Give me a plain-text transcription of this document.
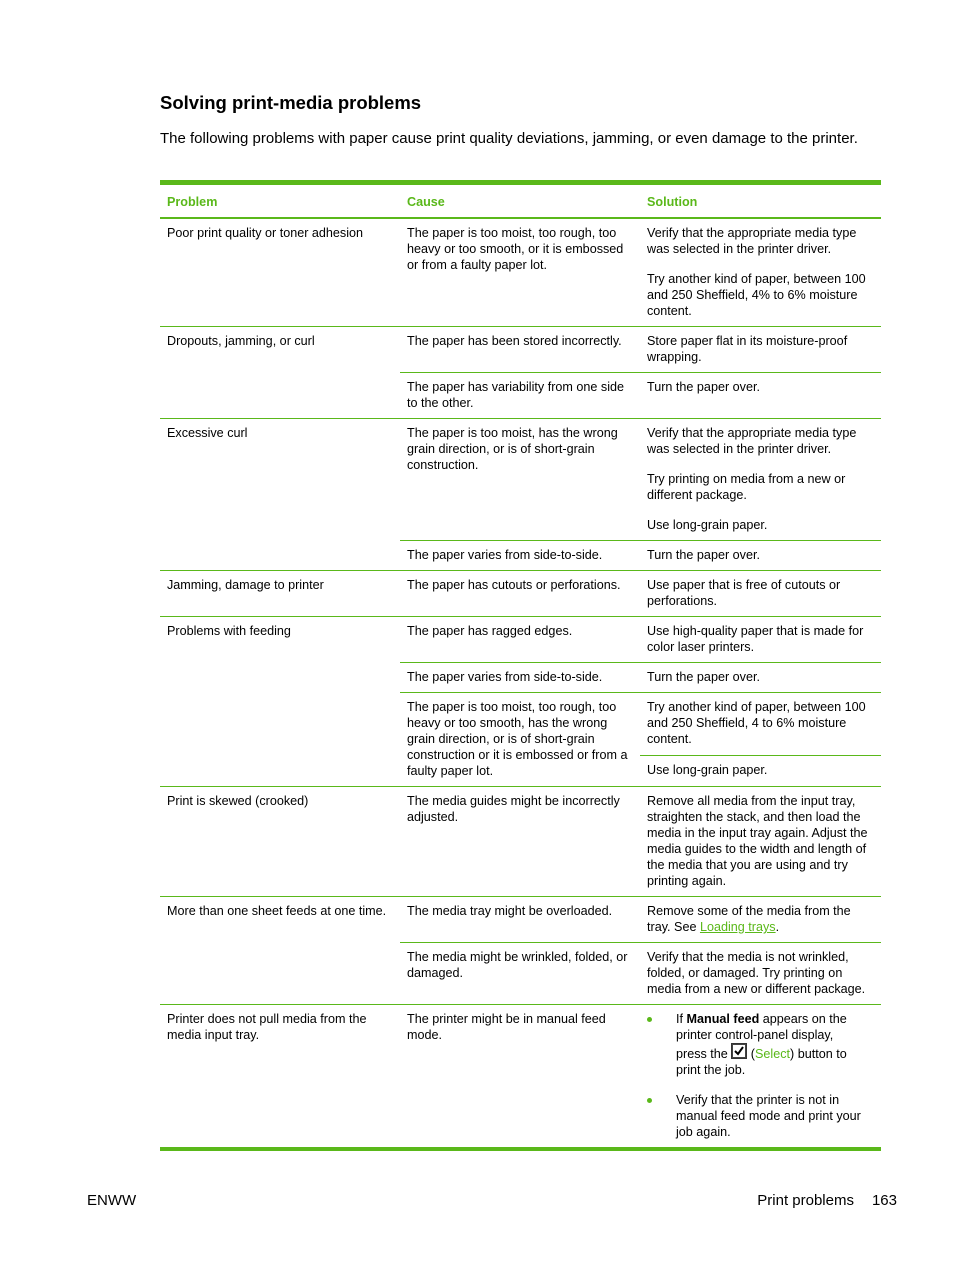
Solving print-media problems

The following problems with paper cause print quality deviations, jamming, or even damage to the printer.

Problem	Cause	Solution
Poor print quality or toner adhesion	The paper is too moist, too rough, too heavy or too smooth, or it is embossed or from a faulty paper lot.	Verify that the appropriate media type was selected in the printer driver.

Try another kind of paper, between 100 and 250 Sheffield, 4% to 6% moisture content.

Dropouts, jamming, or curl	The paper has been stored incorrectly.	Store paper flat in its moisture-proof wrapping.
	The paper has variability from one side to the other.	Turn the paper over.
Excessive curl	The paper is too moist, has the wrong grain direction, or is of short-grain construction.	Verify that the appropriate media type was selected in the printer driver.

Try printing on media from a new or different package.

Use long-grain paper.

	The paper varies from side-to-side.	Turn the paper over.
Jamming, damage to printer	The paper has cutouts or perforations.	Use paper that is free of cutouts or perforations.
Problems with feeding	The paper has ragged edges.	Use high-quality paper that is made for color laser printers.
	The paper varies from side-to-side.	Turn the paper over.
	The paper is too moist, too rough, too heavy or too smooth, has the wrong grain direction, or is of short-grain construction or it is embossed or from a faulty paper lot.	Try another kind of paper, between 100 and 250 Sheffield, 4 to 6% moisture content.
		Use long-grain paper.
Print is skewed (crooked)	The media guides might be incorrectly adjusted.	Remove all media from the input tray, straighten the stack, and then load the media in the input tray again. Adjust the media guides to the width and length of the media that you are using and try printing again.
More than one sheet feeds at one time.	The media tray might be overloaded.	Remove some of the media from the tray. See Loading trays.
	The media might be wrinkled, folded, or damaged.	Verify that the media is not wrinkled, folded, or damaged. Try printing on media from a new or different package.
Printer does not pull media from the media input tray.	The printer might be in manual feed mode.	If Manual feed appears on the printer control-panel display,
press the
(Select) button to print the job.
Verify that the printer is not in manual feed mode and print your job again.
ENWW	Print problems 163
